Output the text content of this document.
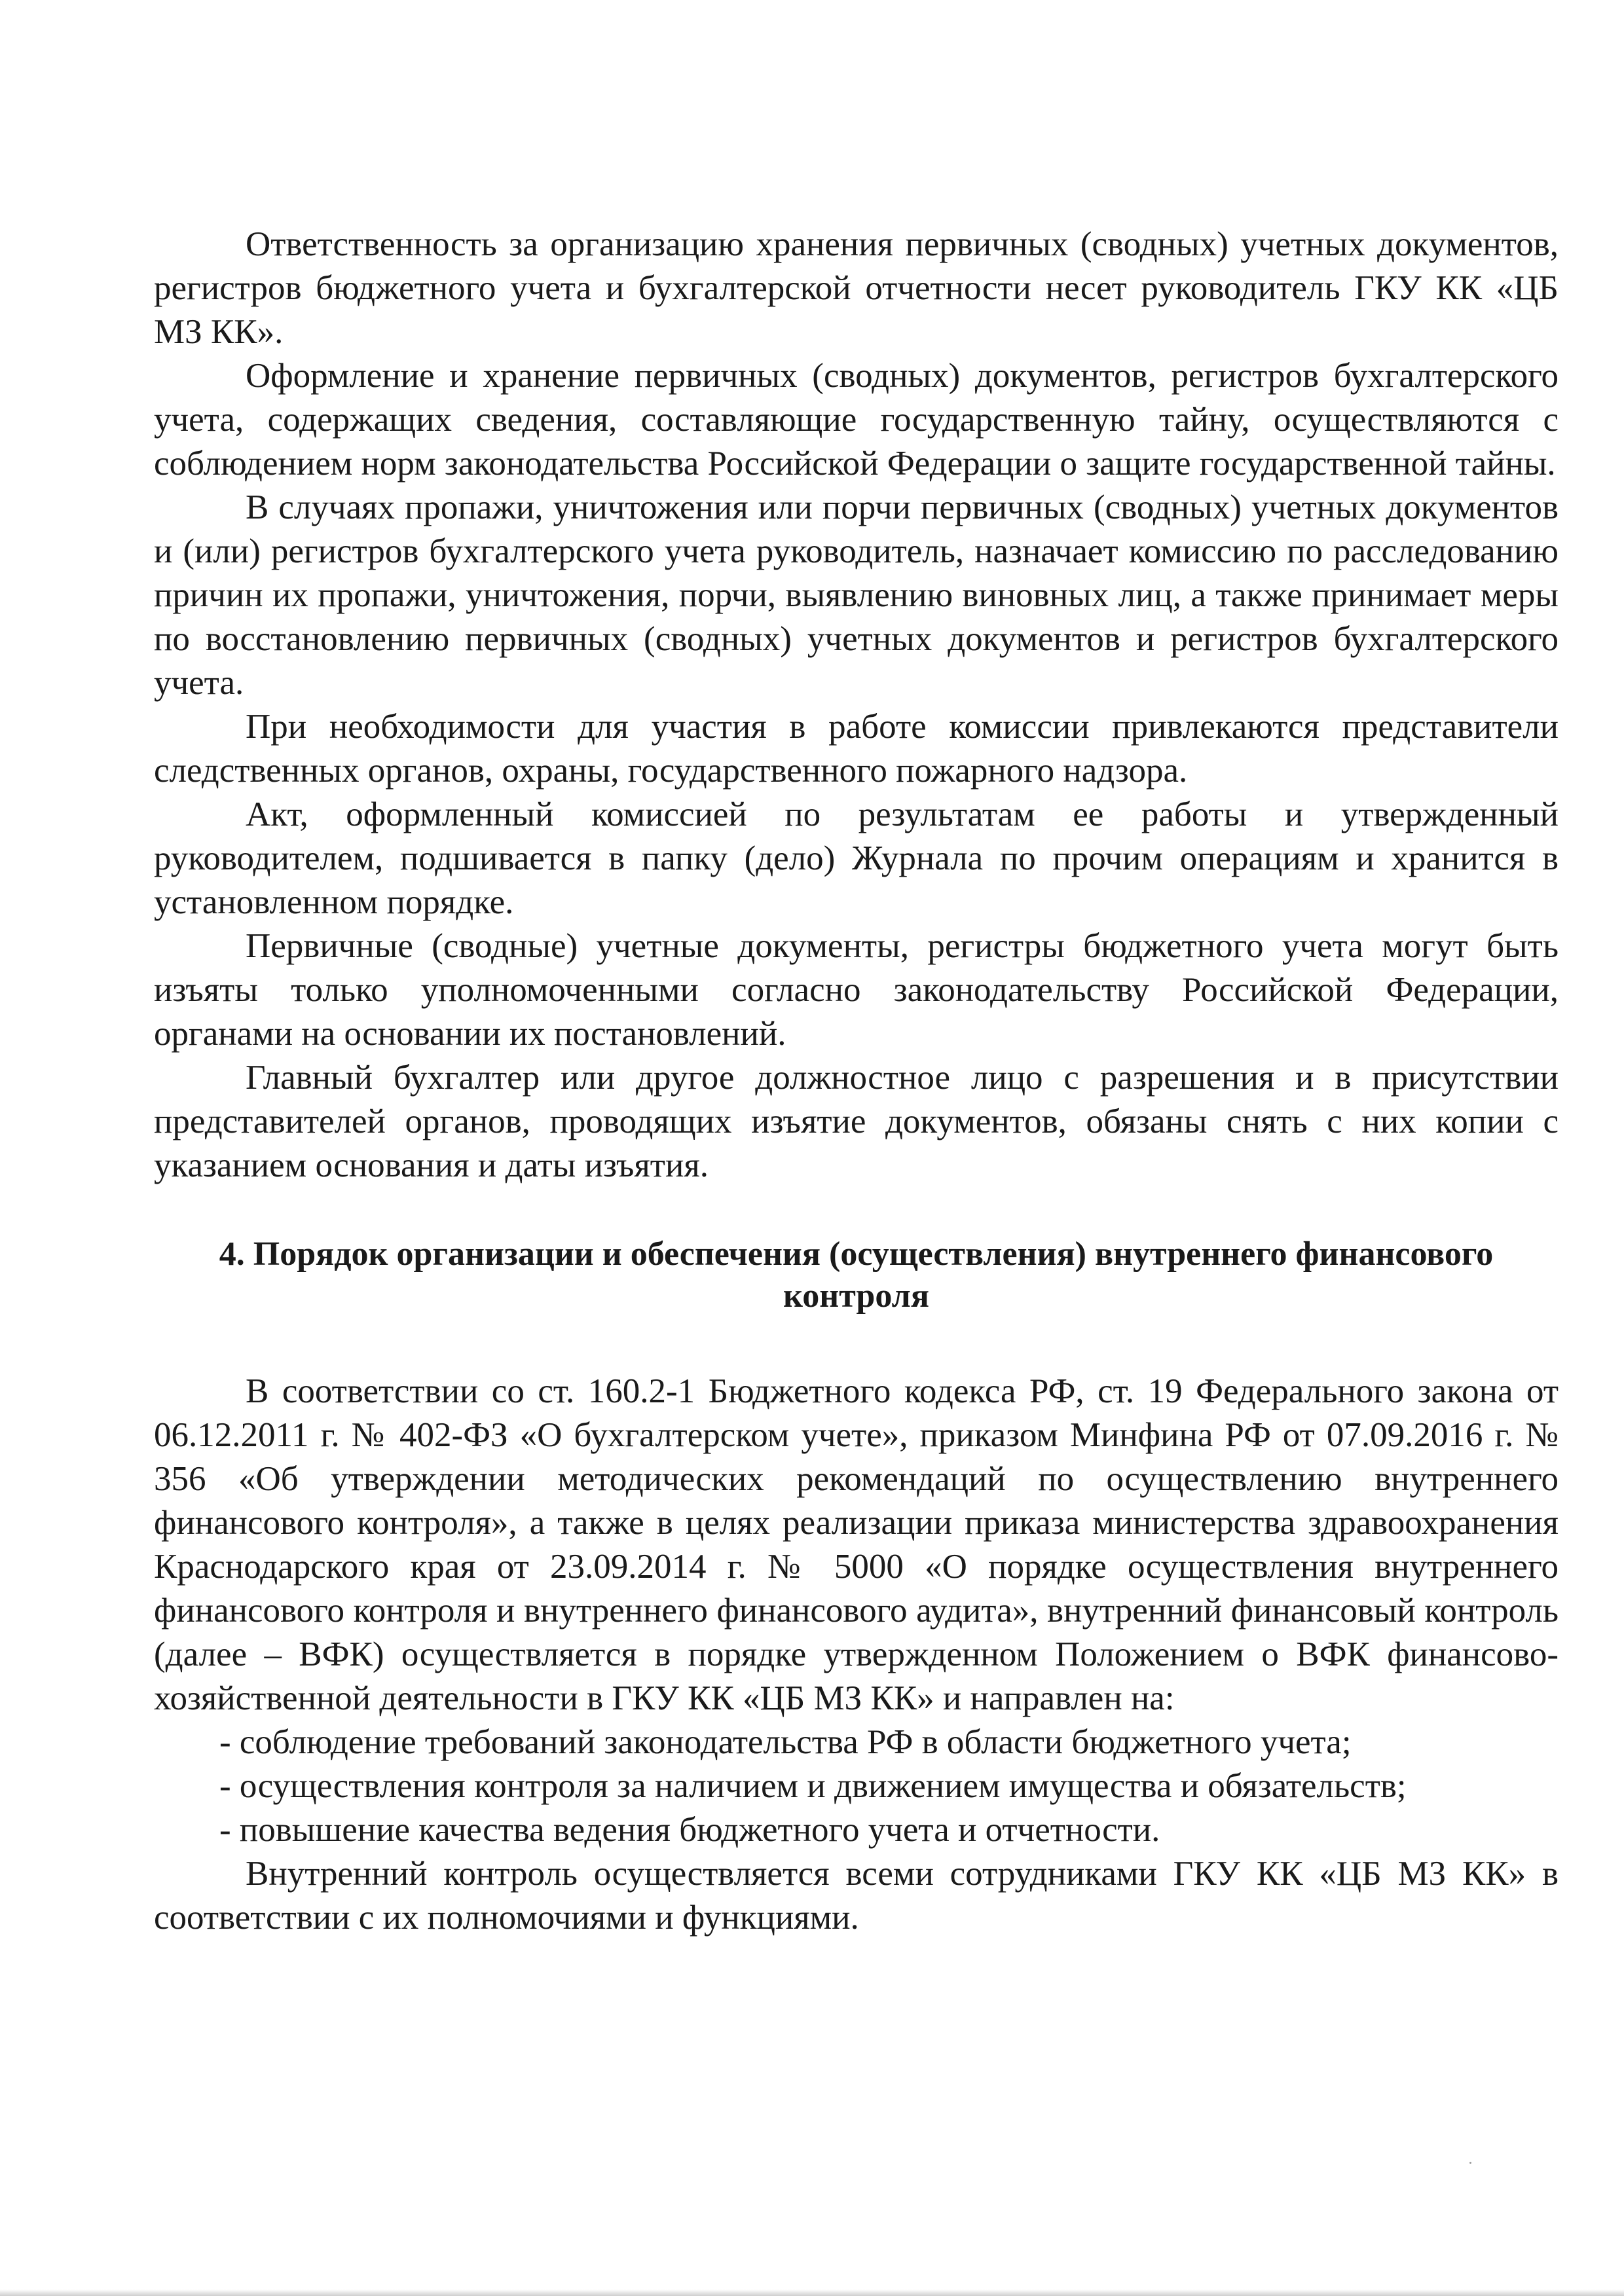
Ответственность за организацию хранения первичных (сводных) учетных документов, регистров бюджетного учета и бухгалтерской отчетности несет руководитель ГКУ КК «ЦБ МЗ КК».

Оформление и хранение первичных (сводных) документов, регистров бухгалтерского учета, содержащих сведения, составляющие государственную тайну, осуществляются с соблюдением норм законодательства Российской Федерации о защите государственной тайны.

В случаях пропажи, уничтожения или порчи первичных (сводных) учетных документов и (или) регистров бухгалтерского учета руководитель, назначает комиссию по расследованию причин их пропажи, уничтожения, порчи, выявлению виновных лиц, а также принимает меры по восстановлению первичных (сводных) учетных документов и регистров бухгалтерского учета.

При необходимости для участия в работе комиссии привлекаются представители следственных органов, охраны, государственного пожарного надзора.

Акт, оформленный комиссией по результатам ее работы и утвержденный руководителем, подшивается в папку (дело) Журнала по прочим операциям и хранится в установленном порядке.

Первичные (сводные) учетные документы, регистры бюджетного учета могут быть изъяты только уполномоченными согласно законодательству Российской Федерации, органами на основании их постановлений.

Главный бухгалтер или другое должностное лицо с разрешения и в присутствии представителей органов, проводящих изъятие документов, обязаны снять с них копии с указанием основания и даты изъятия.

4. Порядок организации и обеспечения (осуществления) внутреннего финансового контроля

В соответствии со ст. 160.2-1 Бюджетного кодекса РФ, ст. 19 Федерального закона от 06.12.2011 г. № 402-ФЗ «О бухгалтерском учете», приказом Минфина РФ от 07.09.2016 г. № 356 «Об утверждении методических рекомендаций по осуществлению внутреннего финансового контроля», а также в целях реализации приказа министерства здравоохранения Краснодарского края от 23.09.2014 г. № 5000 «О порядке осуществления внутреннего финансового контроля и внутреннего финансового аудита», внутренний финансовый контроль (далее – ВФК) осуществляется в порядке утвержденном Положением о ВФК финансово-хозяйственной деятельности в ГКУ КК «ЦБ МЗ КК» и направлен на:

- соблюдение требований законодательства РФ в области бюджетного учета;

- осуществления контроля за наличием и движением имущества и обязательств;

- повышение качества ведения бюджетного учета и отчетности.

Внутренний контроль осуществляется всеми сотрудниками ГКУ КК «ЦБ МЗ КК» в соответствии с их полномочиями и функциями.
